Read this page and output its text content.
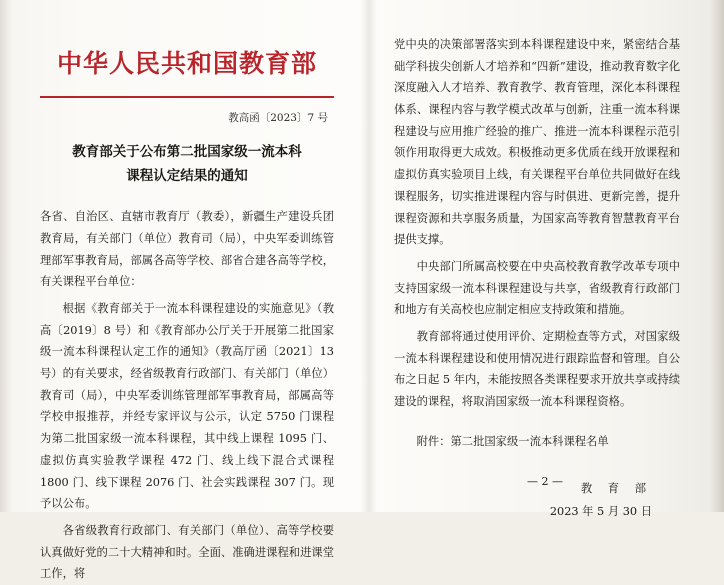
中华人民共和国教育部
教高函〔2023〕7 号
教育部关于公布第二批国家级一流本科
课程认定结果的通知

各省、自治区、直辖市教育厅（教委），新疆生产建设兵团教育局，有关部门（单位）教育司（局），中央军委训练管理部军事教育局，部属各高等学校、部省合建各高等学校，有关课程平台单位：

根据《教育部关于一流本科课程建设的实施意见》（教高〔2019〕8 号）和《教育部办公厅关于开展第二批国家级一流本科课程认定工作的通知》（教高厅函〔2021〕13 号）的有关要求，经省级教育行政部门、有关部门（单位）教育司（局），中央军委训练管理部军事教育局，部属高等学校申报推荐，并经专家评议与公示，认定 5750 门课程为第二批国家级一流本科课程，其中线上课程 1095 门、虚拟仿真实验教学课程 472 门、线上线下混合式课程 1800 门、线下课程 2076 门、社会实践课程 307 门。现予以公布。

各省级教育行政部门、有关部门（单位）、高等学校要认真做好党的二十大精神和时。全面、准确进课程和进课堂工作，将

党中央的决策部署落实到本科课程建设中来，紧密结合基础学科拔尖创新人才培养和“四新”建设，推动教育数字化深度融入人才培养、教育教学、教育管理，深化本科课程体系、课程内容与教学模式改革与创新，注重一流本科课程建设与应用推广经验的推广、推进一流本科课程示范引领作用取得更大成效。积极推动更多优质在线开放课程和虚拟仿真实验项目上线，有关课程平台单位共同做好在线课程服务，切实推进课程内容与时俱进、更新完善，提升课程资源和共享服务质量，为国家高等教育智慧教育平台提供支撑。

中央部门所属高校要在中央高校教育教学改革专项中支持国家级一流本科课程建设与共享，省级教育行政部门和地方有关高校也应制定相应支持政策和措施。

教育部将通过使用评价、定期检查等方式，对国家级一流本科课程建设和使用情况进行跟踪监督和管理。自公布之日起 5 年内，未能按照各类课程要求开放共享或持续建设的课程，将取消国家级一流本科课程资格。

附件：第二批国家级一流本科课程名单

教 育 部
2023 年 5 月 30 日
— 2 —
